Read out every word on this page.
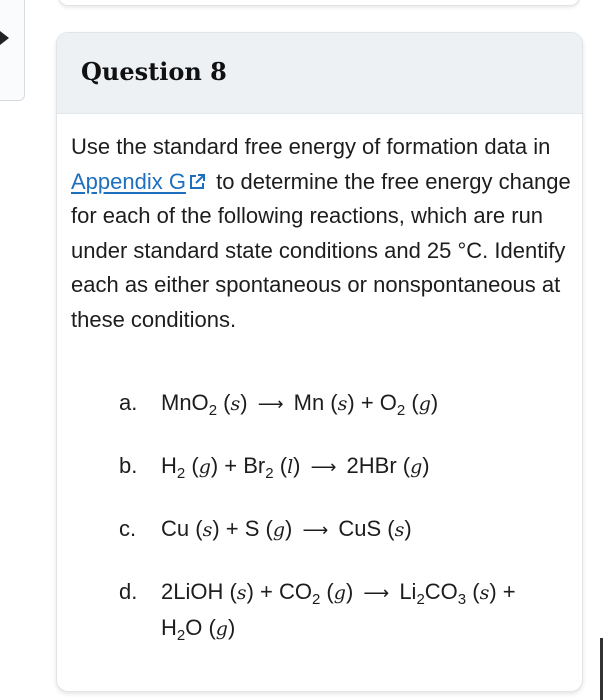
Question 8
Use the standard free energy of formation data in Appendix G to determine the free energy change for each of the following reactions, which are run under standard state conditions and 25 °C. Identify each as either spontaneous or nonspontaneous at these conditions.
a. MnO$_2$ (s) ⟶ Mn $(s) + O_2$ (g)
b. $H_2$ $(g) + Br_2$ (l) ⟶ 2HBr (g)
c. Cu (s) + S (g) ⟶ CuS (s)
d. 2LiOH $(s) + CO_2$ (g) ⟶ $Li_2CO_3$ (s) +
$H_2O$ (g)
